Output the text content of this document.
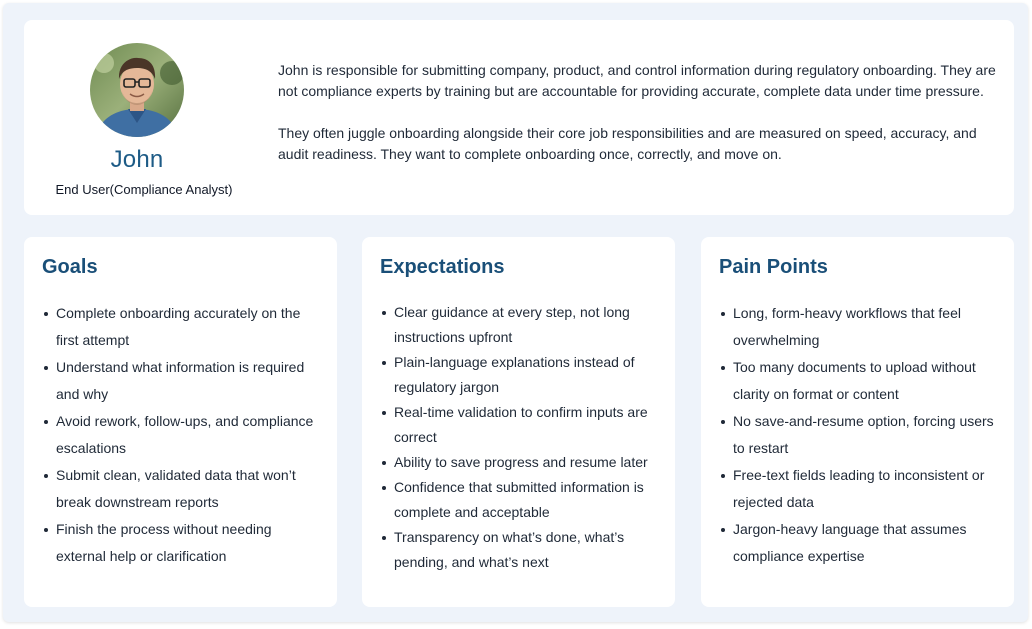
John
End User(Compliance Analyst)

John is responsible for submitting company, product, and control information during regulatory onboarding. They are not compliance experts by training but are accountable for providing accurate, complete data under time pressure.

They often juggle onboarding alongside their core job responsibilities and are measured on speed, accuracy, and audit readiness. They want to complete onboarding once, correctly, and move on.

Goals
Complete onboarding accurately on the first attempt
Understand what information is required and why
Avoid rework, follow-ups, and compliance escalations
Submit clean, validated data that won’t break downstream reports
Finish the process without needing external help or clarification
Expectations
Clear guidance at every step, not long instructions upfront
Plain-language explanations instead of regulatory jargon
Real-time validation to confirm inputs are correct
Ability to save progress and resume later
Confidence that submitted information is complete and acceptable
Transparency on what’s done, what’s pending, and what’s next
Pain Points
Long, form-heavy workflows that feel overwhelming
Too many documents to upload without clarity on format or content
No save-and-resume option, forcing users to restart
Free-text fields leading to inconsistent or rejected data
Jargon-heavy language that assumes compliance expertise
